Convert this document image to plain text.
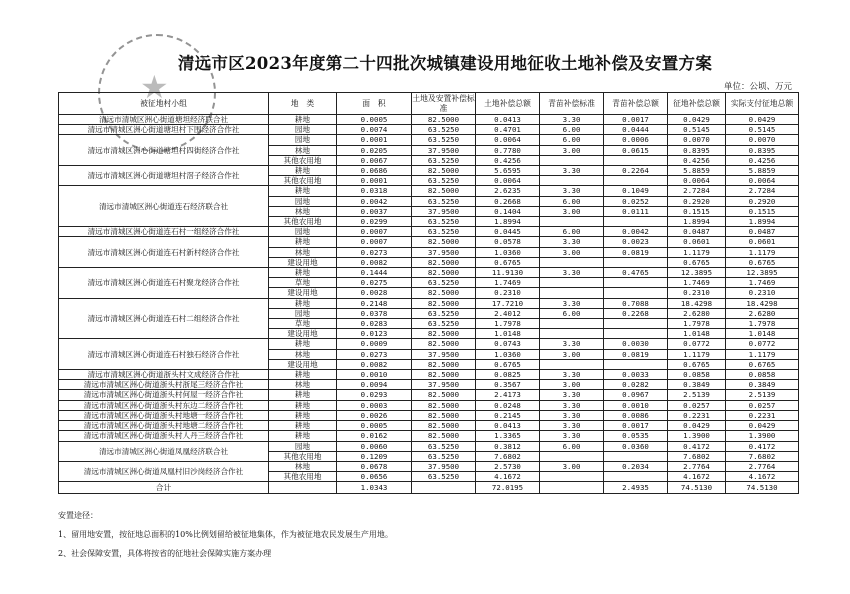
★
清远市区2023年度第二十四批次城镇建设用地征收土地补偿及安置方案
单位：公顷、万元
被征地村小组	地　类	面　积	土地及安置补偿标准	土地补偿总额	青苗补偿标准	青苗补偿总额	征地补偿总额	实际支付征地总额
清远市清城区洲心街道塘坦经济联合社	耕地	0.0005	82.5000	0.0413	3.30	0.0017	0.0429	0.0429
清远市清城区洲心街道塘坦村下围经济合作社	园地	0.0074	63.5250	0.4701	6.00	0.0444	0.5145	0.5145
清远市清城区洲心街道塘坦村四街经济合作社	园地	0.0001	63.5250	0.0064	6.00	0.0006	0.0070	0.0070
	林地	0.0205	37.9500	0.7780	3.00	0.0615	0.8395	0.8395
	其他农用地	0.0067	63.5250	0.4256			0.4256	0.4256
清远市清城区洲心街道塘坦村滘子经济合作社	耕地	0.0686	82.5000	5.6595	3.30	0.2264	5.8859	5.8859
	其他农用地	0.0001	63.5250	0.0064			0.0064	0.0064
清远市清城区洲心街道连石经济联合社	耕地	0.0318	82.5000	2.6235	3.30	0.1049	2.7284	2.7284
	园地	0.0042	63.5250	0.2668	6.00	0.0252	0.2920	0.2920
	林地	0.0037	37.9500	0.1404	3.00	0.0111	0.1515	0.1515
	其他农用地	0.0299	63.5250	1.8994			1.8994	1.8994
清远市清城区洲心街道连石村一组经济合作社	园地	0.0007	63.5250	0.0445	6.00	0.0042	0.0487	0.0487
清远市清城区洲心街道连石村新村经济合作社	耕地	0.0007	82.5000	0.0578	3.30	0.0023	0.0601	0.0601
	林地	0.0273	37.9500	1.0360	3.00	0.0819	1.1179	1.1179
	建设用地	0.0082	82.5000	0.6765			0.6765	0.6765
清远市清城区洲心街道连石村聚龙经济合作社	耕地	0.1444	82.5000	11.9130	3.30	0.4765	12.3895	12.3895
	草地	0.0275	63.5250	1.7469			1.7469	1.7469
	建设用地	0.0028	82.5000	0.2310			0.2310	0.2310
清远市清城区洲心街道连石村二组经济合作社	耕地	0.2148	82.5000	17.7210	3.30	0.7088	18.4298	18.4298
	园地	0.0378	63.5250	2.4012	6.00	0.2268	2.6280	2.6280
	草地	0.0283	63.5250	1.7978			1.7978	1.7978
	建设用地	0.0123	82.5000	1.0148			1.0148	1.0148
清远市清城区洲心街道连石村独石经济合作社	耕地	0.0009	82.5000	0.0743	3.30	0.0030	0.0772	0.0772
	林地	0.0273	37.9500	1.0360	3.00	0.0819	1.1179	1.1179
	建设用地	0.0082	82.5000	0.6765			0.6765	0.6765
清远市清城区洲心街道浙头村文成经济合作社	耕地	0.0010	82.5000	0.0825	3.30	0.0033	0.0858	0.0858
清远市清城区洲心街道浙头村浙尾三经济合作社	林地	0.0094	37.9500	0.3567	3.00	0.0282	0.3849	0.3849
清远市清城区洲心街道浙头村何屋一经济合作社	耕地	0.0293	82.5000	2.4173	3.30	0.0967	2.5139	2.5139
清远市清城区洲心街道浙头村东边二经济合作社	耕地	0.0003	82.5000	0.0248	3.30	0.0010	0.0257	0.0257
清远市清城区洲心街道浙头村地塘一经济合作社	耕地	0.0026	82.5000	0.2145	3.30	0.0086	0.2231	0.2231
清远市清城区洲心街道浙头村地塘二经济合作社	耕地	0.0005	82.5000	0.0413	3.30	0.0017	0.0429	0.0429
清远市清城区洲心街道浙头村人丹三经济合作社	耕地	0.0162	82.5000	1.3365	3.30	0.0535	1.3900	1.3900
清远市清城区洲心街道凤凰经济联合社	园地	0.0060	63.5250	0.3812	6.00	0.0360	0.4172	0.4172
	其他农用地	0.1209	63.5250	7.6802			7.6802	7.6802
清远市清城区洲心街道凤凰村旧沙岗经济合作社	林地	0.0678	37.9500	2.5730	3.00	0.2034	2.7764	2.7764
	其他农用地	0.0656	63.5250	4.1672			4.1672	4.1672
合计		1.0343		72.0195		2.4935	74.5130	74.5130
安置途径：
1、留用地安置，按征地总面积的10%比例划留给被征地集体，作为被征地农民发展生产用地。
2、社会保障安置，具体将按省的征地社会保障实施方案办理
